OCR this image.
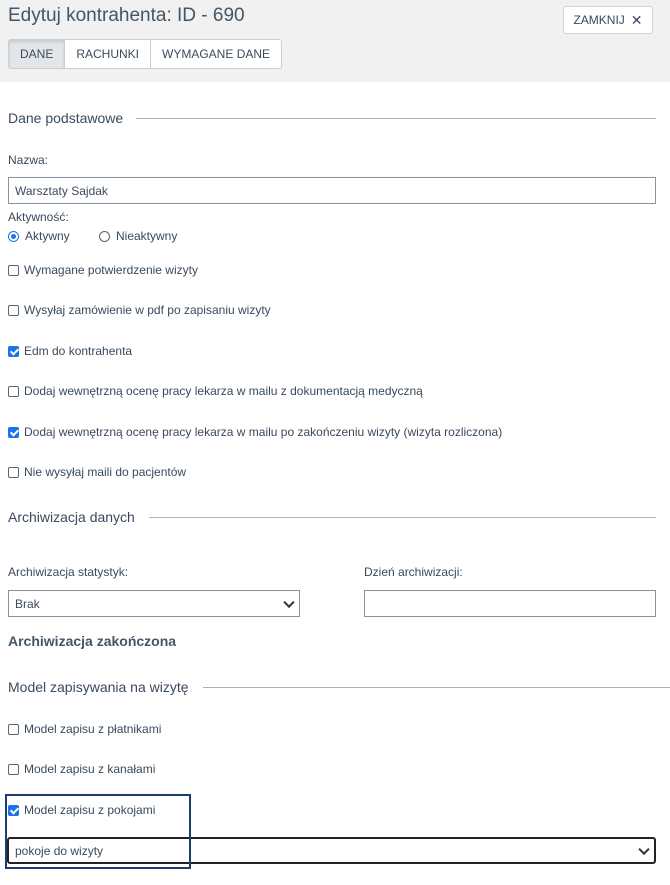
Edytuj kontrahenta: ID - 690	ZAMKNIJ ✕
DANE	RACHUNKI	WYMAGANE DANE
Dane podstawowe
Nazwa:
Warsztaty Sajdak
Aktywność:
Aktywny	Nieaktywny
Wymagane potwierdzenie wizyty
Wysyłaj zamówienie w pdf po zapisaniu wizyty
Edm do kontrahenta
Dodaj wewnętrzną ocenę pracy lekarza w mailu z dokumentacją medyczną
Dodaj wewnętrzną ocenę pracy lekarza w mailu po zakończeniu wizyty (wizyta rozliczona)
Nie wysyłaj maili do pacjentów
Archiwizacja danych
Archiwizacja statystyk:
Brak
Dzień archiwizacji:
Archiwizacja zakończona
Model zapisywania na wizytę
Model zapisu z płatnikami
Model zapisu z kanałami
Model zapisu z pokojami
pokoje do wizyty
